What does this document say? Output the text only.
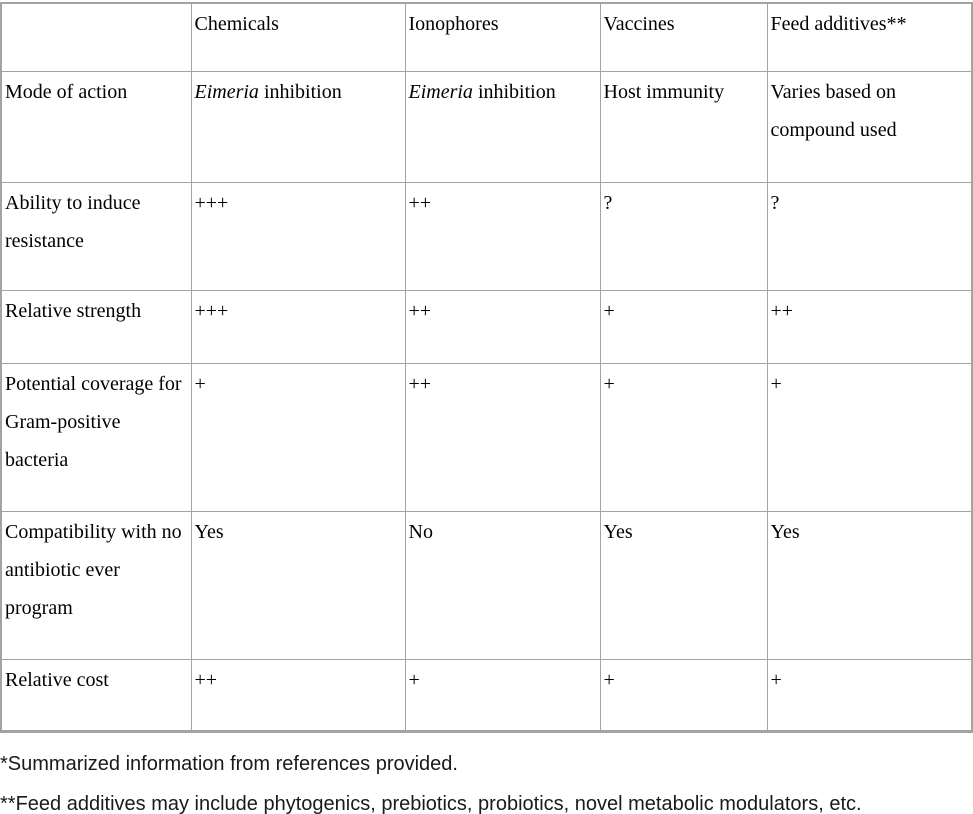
	Chemicals	Ionophores	Vaccines	Feed additives**
Mode of action	Eimeria inhibition	Eimeria inhibition	Host immunity	Varies based on compound used
Ability to induce resistance	+++	++	?	?
Relative strength	+++	++	+	++
Potential coverage for Gram-positive bacteria	+	++	+	+
Compatibility with no antibiotic ever program	Yes	No	Yes	Yes
Relative cost	++	+	+	+

*Summarized information from references provided.

**Feed additives may include phytogenics, prebiotics, probiotics, novel metabolic modulators, etc.
